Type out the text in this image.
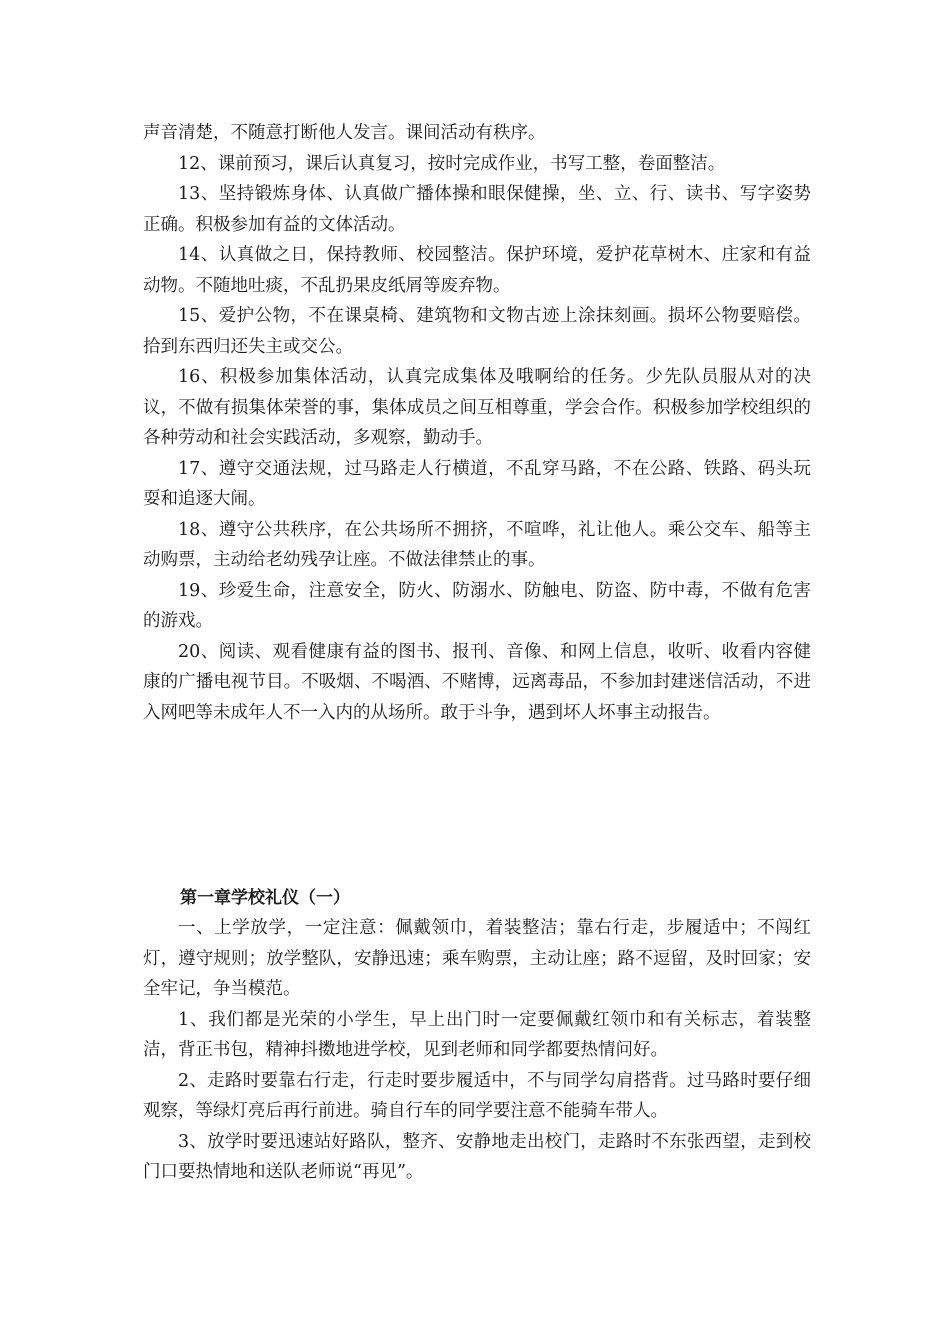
声音清楚，不随意打断他人发言。课间活动有秩序。

12、课前预习，课后认真复习，按时完成作业，书写工整，卷面整洁。

13、坚持锻炼身体、认真做广播体操和眼保健操，坐、立、行、读书、写字姿势正确。积极参加有益的文体活动。

14、认真做之日，保持教师、校园整洁。保护环境，爱护花草树木、庄家和有益动物。不随地吐痰，不乱扔果皮纸屑等废弃物。

15、爱护公物，不在课桌椅、建筑物和文物古迹上涂抹刻画。损坏公物要赔偿。拾到东西归还失主或交公。

16、积极参加集体活动，认真完成集体及哦啊给的任务。少先队员服从对的决议，不做有损集体荣誉的事，集体成员之间互相尊重，学会合作。积极参加学校组织的各种劳动和社会实践活动，多观察，勤动手。

17、遵守交通法规，过马路走人行横道，不乱穿马路，不在公路、铁路、码头玩耍和追逐大闹。

18、遵守公共秩序，在公共场所不拥挤，不喧哗，礼让他人。乘公交车、船等主动购票，主动给老幼残孕让座。不做法律禁止的事。

19、珍爱生命，注意安全，防火、防溺水、防触电、防盗、防中毒，不做有危害的游戏。

20、阅读、观看健康有益的图书、报刊、音像、和网上信息，收听、收看内容健康的广播电视节目。不吸烟、不喝酒、不赌博，远离毒品，不参加封建迷信活动，不进入网吧等未成年人不一入内的从场所。敢于斗争，遇到坏人坏事主动报告。

第一章学校礼仪（一）

一、上学放学，一定注意：佩戴领巾，着装整洁；靠右行走，步履适中；不闯红灯，遵守规则；放学整队，安静迅速；乘车购票，主动让座；路不逗留，及时回家；安全牢记，争当模范。

1、我们都是光荣的小学生，早上出门时一定要佩戴红领巾和有关标志，着装整洁，背正书包，精神抖擞地进学校，见到老师和同学都要热情问好。

2、走路时要靠右行走，行走时要步履适中，不与同学勾肩搭背。过马路时要仔细观察，等绿灯亮后再行前进。骑自行车的同学要注意不能骑车带人。

3、放学时要迅速站好路队，整齐、安静地走出校门，走路时不东张西望，走到校门口要热情地和送队老师说“再见”。
